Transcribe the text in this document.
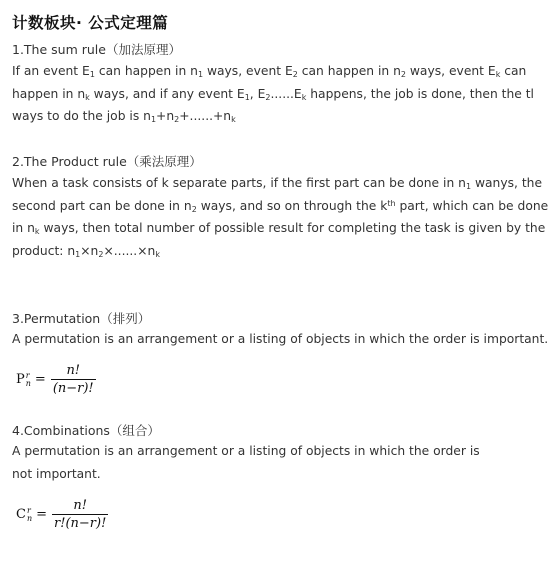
计数板块· 公式定理篇
1.The sum rule（加法原理）
If an event $E_1$ can happen in $n_1$ ways, event $E_2$ can happen in $n_2$ ways, event $E_k$ can
happen in $n_k$ ways, and if any event $E_1$, $E_2......E_k$ happens, the job is done, then the tl
ways to do the job is $n_1+n_2+......+n_k$
2.The Product rule（乘法原理）
When a task consists of k separate parts, if the first part can be done in $n_1$ wanys, the
second part can be done in $n_2$ ways, and so on through the $k^{th}$ part, which can be done
in $n_k$ ways, then total number of possible result for completing the task is given by the
product: $n_1\times n_2\times......\times n_k$
3.Permutation（排列）
A permutation is an arrangement or a listing of objects in which the order is important.
P r
$n = \frac{n!}{(n-r)!}$
4.Combinations（组合）
A permutation is an arrangement or a listing of objects in which the order is not important.
C r
$n = \frac{n!}{r!(n-r)!}$
